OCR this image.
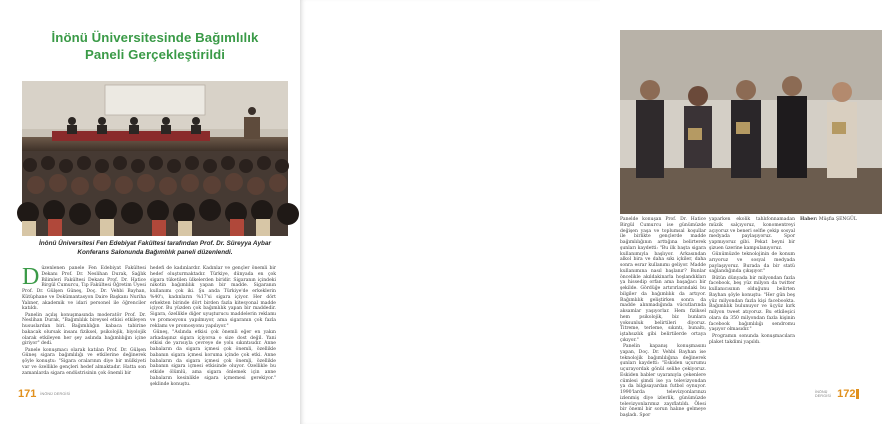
İnönü Üniversitesinde Bağımlılık
Paneli Gerçekleştirildi

İnönü Üniversitesi Fen Edebiyat Fakültesi tarafından Prof. Dr. Süreyya Aybar

Konferans Salonunda Bağımlılık paneli düzenlendi.

Düzenlenen panele Fen Edebiyat Fakültesi Dekanı Prof. Dr. Neslihan Durak, Sağlık Bilimleri Fakültesi Dekanı Prof. Dr. Hatice Birgül Cumurcu, Tıp Fakültesi Öğretim Üyesi Prof. Dr. Gülşen Güneş, Doç. Dr. Vehbi Bayhan, Kütüphane ve Dokümantasyon Daire Başkanı Nuriha Yalıner, akademik ve idari personel ile öğrenciler katıldı.

Panelin açılış konuşmasında moderatör Prof. Dr. Neslihan Durak, "Bağımlılık bireysel etkisi etkileyen hususlardan biri. Bağımlılığın kabaca tabirine bakacak olursak insanı fiziksel, psikolojik, biyolojik olarak etkileyen her şey aslında bağımlılığın içine giriyor" dedi.

Panele konuşmacı olarak katılan Prof. Dr. Gülşen Güneş sigara bağımlılığı ve etkilerine değinerek şöyle konuştu: "Sigara oralarının diye bir mülkiyeti var ve özellikle gençleri hedef almaktadır. Hatta son zamanlarda sigara endüstrisinin çok önemli bir

hedefi de kadınlardır. Kadınlar ve gençler önemli bir hedef oluşturmaktadır. Türkiye, dünyada en çok sigara tüketilen ülkelerden biridir. Sigaranın içindeki nikotin bağımlılık yapan bir madde. Sigaranın kullanımı çok iki. Şu anda Türkiye'de erkeklerin %40'ı, kadınların %17'si sigara içiyor. Her dört erkekten birinde dört birden fazla kitesyonal madde içiyor. Bu yüzden çok bağımlılık yapan bir maddedir. Sigara, özellikle diğer uyuşturucu maddelerin reklamı ve promosyonu yapılmıyor, ama sigaranın çok fazla reklamı ve promosyonu yapılıyor."

Güneş, "Aslında etkisi çok önemli eğer en yakın arkadaşınız sigara içiyorsa o size dost değil. Yani etkisi de yarısıyla çevreye de yolu sıkıntısıdır. Anne babaların da sigara içmesi çok önemli, özellikle babanın sigara içmesi koruma içinde çok etki. Anne babaların da sigara içmesi çok önemli, özellikle babanın sigara içmesi etkisinde oluyor. Özellikle bu etkide ölümlü, ama sigara önlemek için anne babaların kesinlikle sigara içmemesi gerekiyor." şeklinde konuştu.

171 İNÖNÜ DERGİSİ

Panelde konuşan Prof. Dr. Hatice Birgül Cumurcu ise günümüzde değişen yaşa ve toplumsal koşullar ile birlikte gençlerde madde bağımlılığının arttığına belirterek şunları kaydetti: "Bu ilk başta sigara kullanımıyla başlıyor. Arkasından alkol bira ve daha sıkı içkiler, daha sonra esrar kullanımı geliyor. Madde kullanımına nasıl başlanır? Bunlar öncelikle akıldakinarla hoşlandıkları ya hissedip orfan ama başağacı bir şekilde. Gördüğe artırırlarındaki bu bilgiler da bağımlılık da artıyor. Bağımlılık geliştirken sonra da madde alınmadığında vücutlarında aksamlar yaşıyorlar. Hem fiziksel hem psikolojik, biz bunlara yoksunluk belirtileri diyoruz. Titreme, terleme, sıkıntı, bunaltı, iştahsızlık gibi belirtilerde ortaya çıkıyor."

Panelin kapanış konuşmasını yapan, Doç. Dr. Vehbi Bayhan ise teknolojik bağımlılığına değinerek şunları kaydetti: "Eskiden uçurumu uçurayordak gönül selihe çekiyoruz. Eskiden babler uyaranıyla çekenlere cümlesi şimdi ise ya televizyondan ya da bilgisayardan futbol oynuyor. 1990'larda televizyonlarınızı izlenmiş diye izlerlik, günümüzde televizyonlarımız zayıflatıldı. Ölesi bir öneml bir sorun halıne gelmeye başladı. Spor

yaparken ekolik tahlıfonnamadan müzik salçıyoruz, konomentreyi açıyoruz ve beneri selfie çekip sosyal medyada paylaşıyoruz. Spor yapmıyoruz gibi. Pekat beyni bir şizuen üzerine kampulanıyoruz.

Günümüzde teknolojinin de konum arıyoruz ve sosyal medyada paylaşıyoruz. Burada da bir statü sağlandığında çıkışıyor."

Bütün dünyada bir milyondan fazla facebook, beş yüz milyon da twitter kullanıcısının olduğunu belirten Bayhan şöyle konuştu: "Her gün beş yüz milyondan fazla kişi facebookta. Bağımlılık bulunuyor ve üçyüz kırk milyon tweet atıyoruz. Bu etkileşici olara da 350 milyondan fazla kişinin facebook bağımlılığı sendromu yaşıyor olmasıdır."

Programın sonunda konuşmacılara plaket takdimi yapıldı.

Haber: Müşfia ŞENGÜL

İNÖNÜ DERGİSİ 172
